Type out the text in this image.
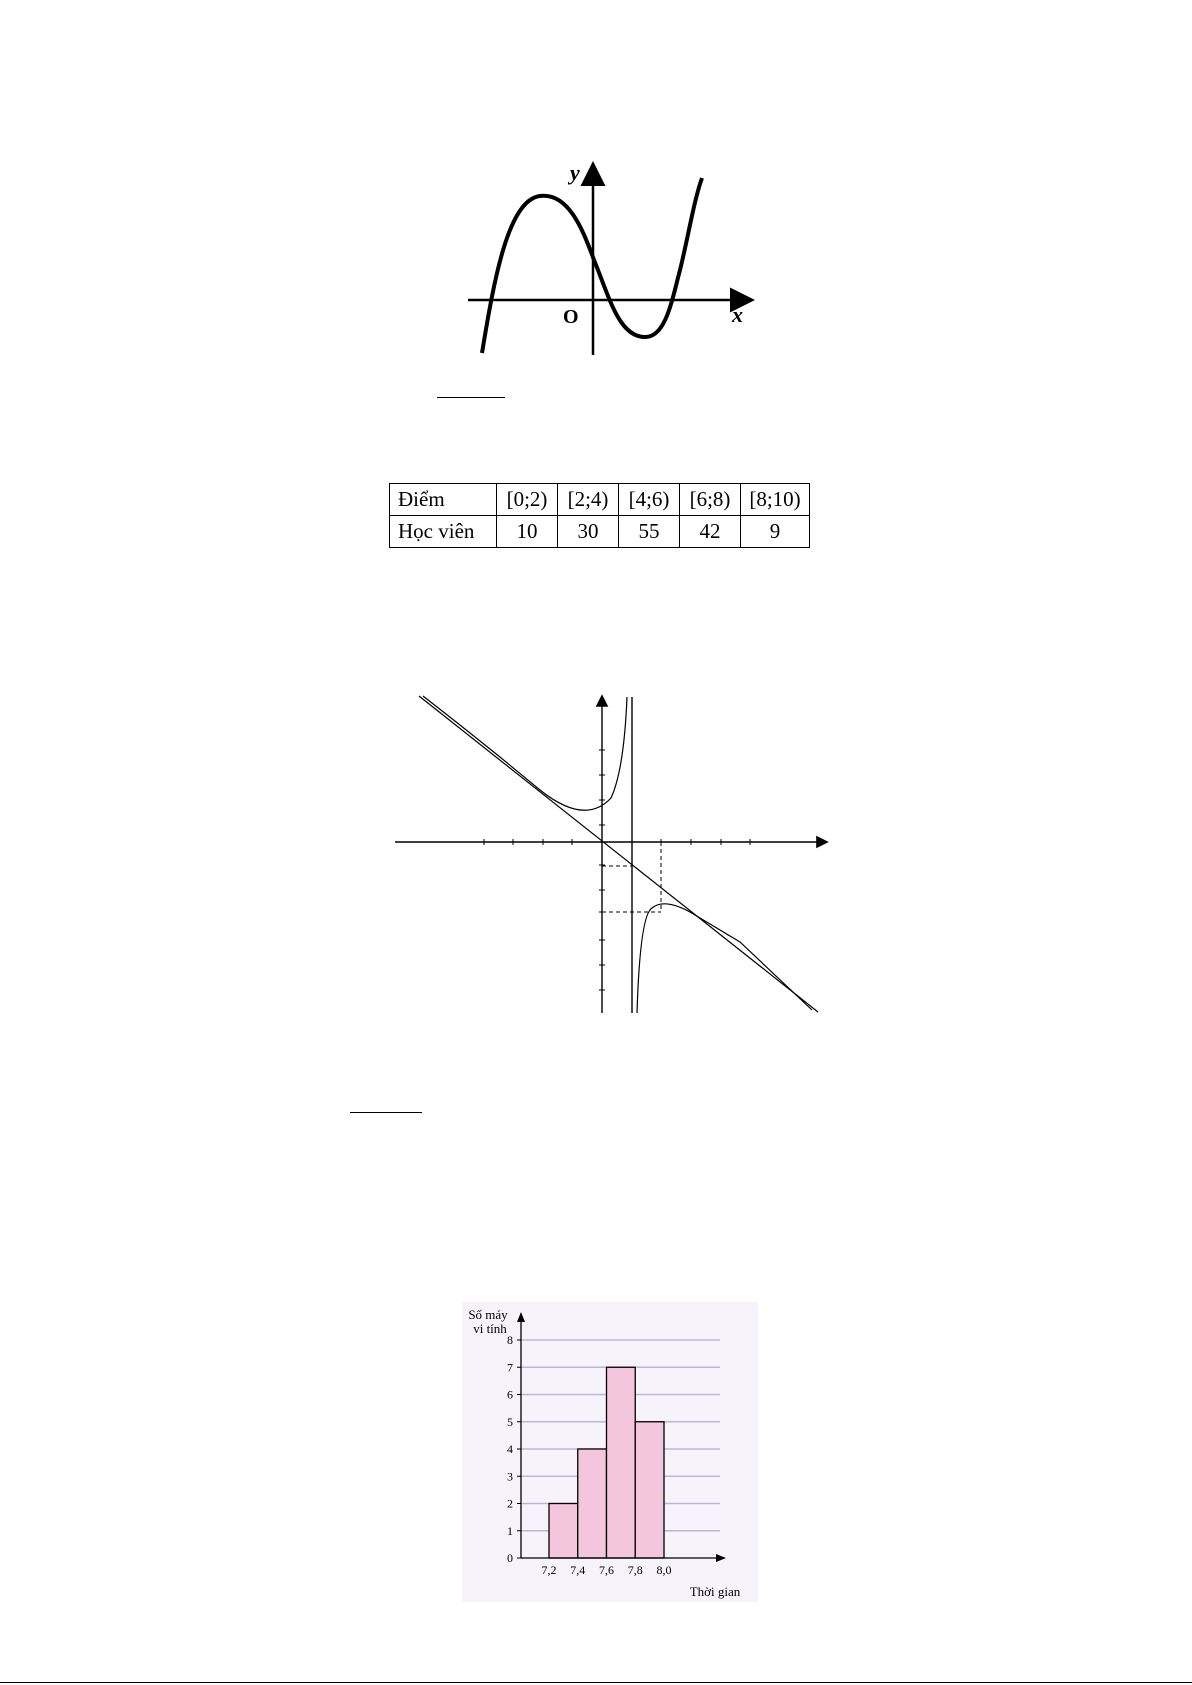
y
x
O
Điểm	[0;2)	[2;4)	[4;6)	[6;8)	[8;10)
Học viên	10	30	55	42	9
0
1
2
3
4
5
6
7
8
7,2 7,4 7,6 7,8 8,0
Số máy
vi tính
Thời gian
